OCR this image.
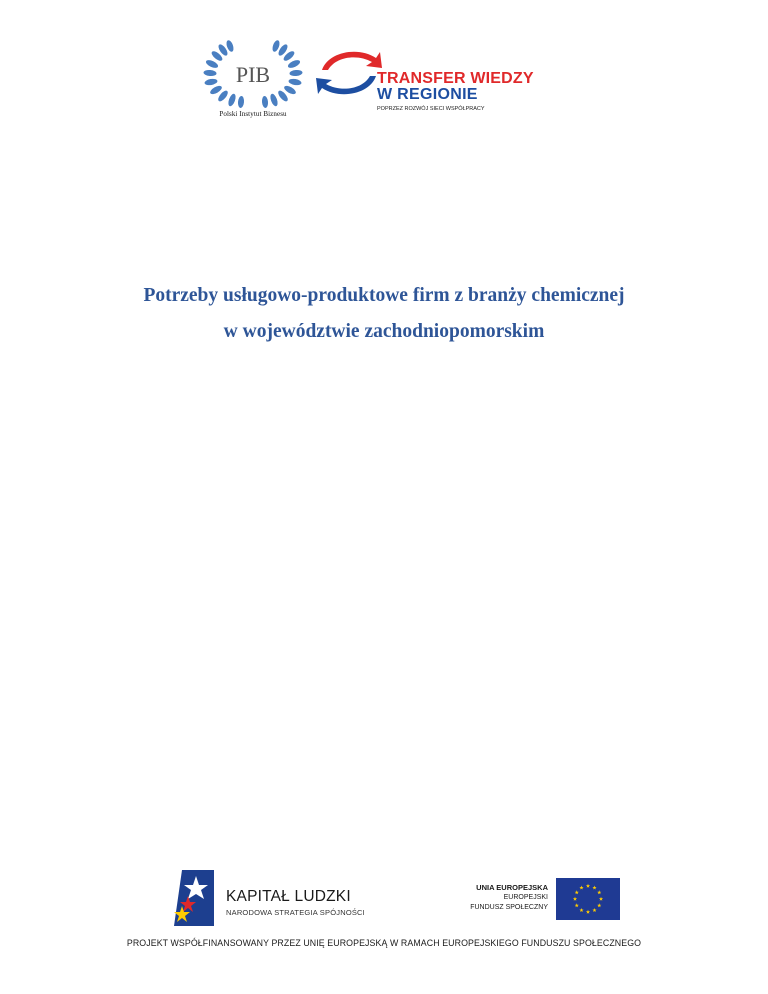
PIB
Polski Instytut Biznesu
TRANSFER WIEDZY
W REGIONIE
POPRZEZ ROZWÓJ SIECI WSPÓŁPRACY
Potrzeby usługowo-produktowe firm z branży chemicznej
w województwie zachodniopomorskim
KAPITAŁ LUDZKI
NARODOWA STRATEGIA SPÓJNOŚCI
UNIA EUROPEJSKA
EUROPEJSKI
FUNDUSZ SPOŁECZNY
PROJEKT WSPÓŁFINANSOWANY PRZEZ UNIĘ EUROPEJSKĄ W RAMACH EUROPEJSKIEGO FUNDUSZU SPOŁECZNEGO
